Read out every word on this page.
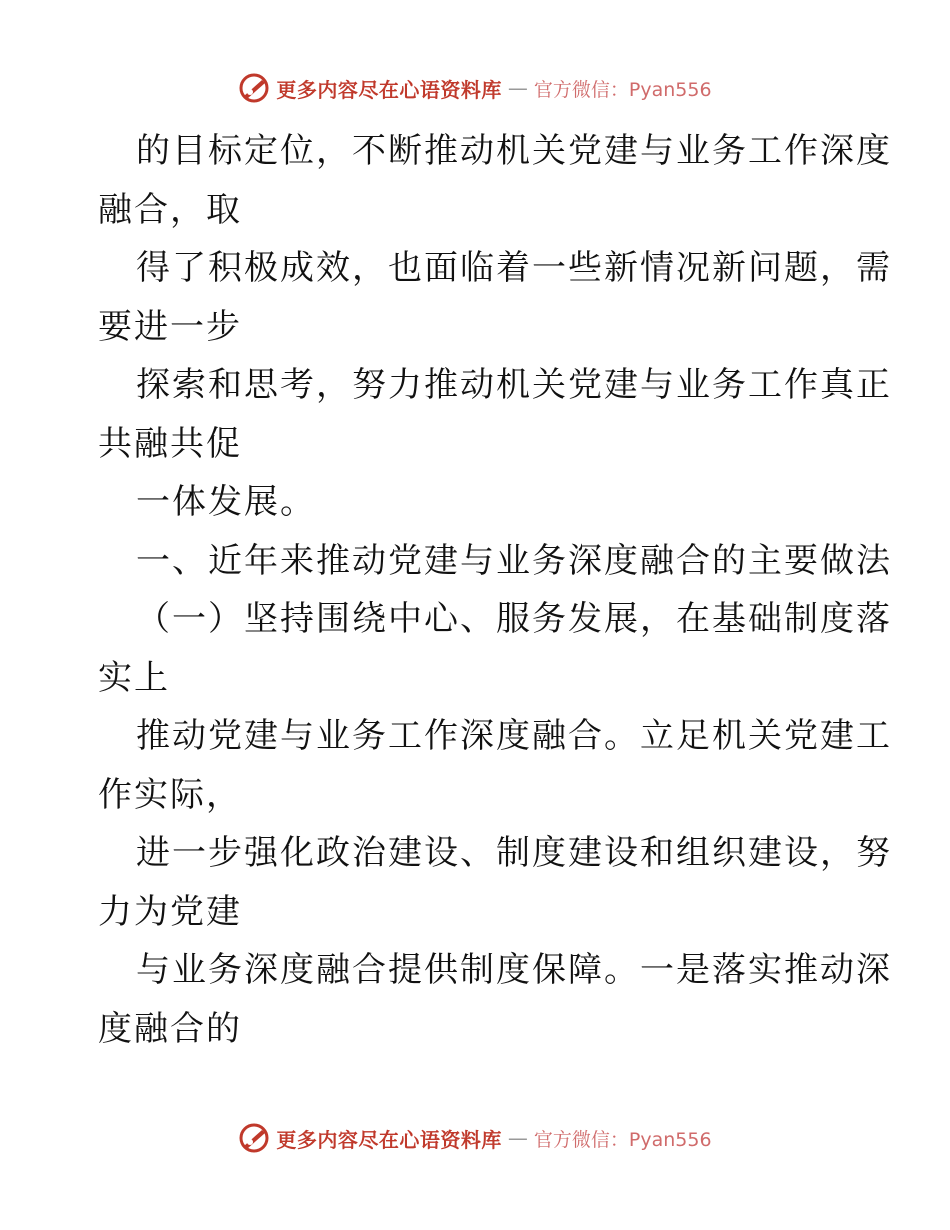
更多内容尽在心语资料库 — 官方微信：Pyan556
的目标定位，不断推动机关党建与业务工作深度
融合，取
得了积极成效，也面临着一些新情况新问题，需
要进一步
探索和思考，努力推动机关党建与业务工作真正
共融共促
一体发展。
一、近年来推动党建与业务深度融合的主要做法
（一）坚持围绕中心、服务发展，在基础制度落
实上
推动党建与业务工作深度融合。立足机关党建工
作实际，
进一步强化政治建设、制度建设和组织建设，努
力为党建
与业务深度融合提供制度保障。一是落实推动深
度融合的
更多内容尽在心语资料库 — 官方微信：Pyan556
